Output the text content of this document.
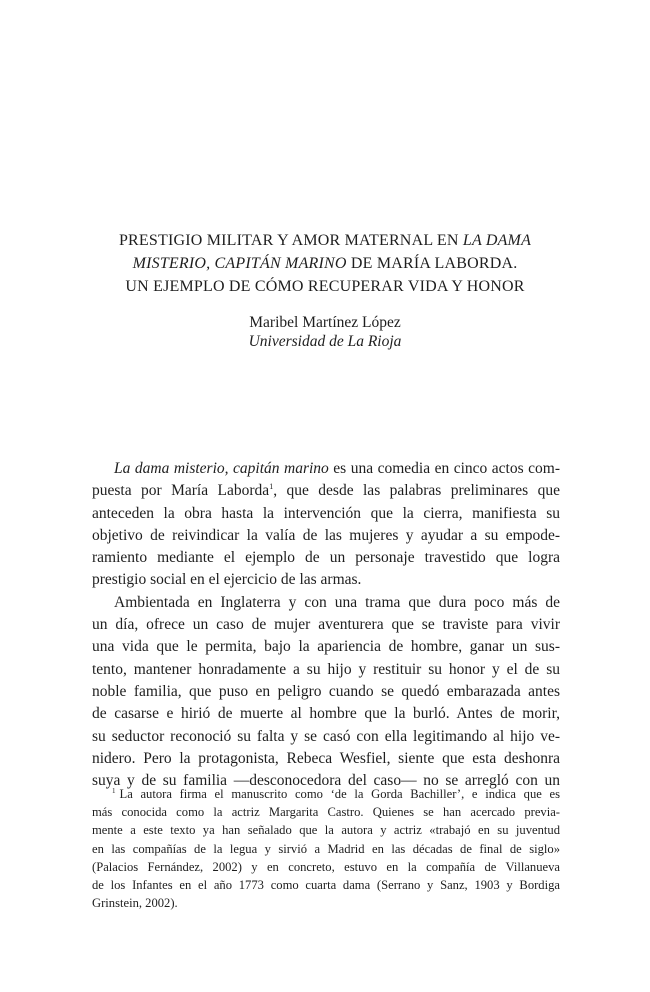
PRESTIGIO MILITAR Y AMOR MATERNAL EN LA DAMA
MISTERIO, CAPITÁN MARINO DE MARÍA LABORDA.
UN EJEMPLO DE CÓMO RECUPERAR VIDA Y HONOR
Maribel Martínez López
Universidad de La Rioja
La dama misterio, capitán marino es una comedia en cinco actos com-
puesta por María Laborda$^1$, que desde las palabras preliminares que
anteceden la obra hasta la intervención que la cierra, manifiesta su
objetivo de reivindicar la valía de las mujeres y ayudar a su empode-
ramiento mediante el ejemplo de un personaje travestido que logra
prestigio social en el ejercicio de las armas.
Ambientada en Inglaterra y con una trama que dura poco más de
un día, ofrece un caso de mujer aventurera que se traviste para vivir
una vida que le permita, bajo la apariencia de hombre, ganar un sus-
tento, mantener honradamente a su hijo y restituir su honor y el de su
noble familia, que puso en peligro cuando se quedó embarazada antes
de casarse e hirió de muerte al hombre que la burló. Antes de morir,
su seductor reconoció su falta y se casó con ella legitimando al hijo ve-
nidero. Pero la protagonista, Rebeca Wesfiel, siente que esta deshonra
suya y de su familia —desconocedora del caso— no se arregló con un
$^1$ La autora firma el manuscrito como ‘de la Gorda Bachiller’, e indica que es
más conocida como la actriz Margarita Castro. Quienes se han acercado previa-
mente a este texto ya han señalado que la autora y actriz «trabajó en su juventud
en las compañías de la legua y sirvió a Madrid en las décadas de final de siglo»
(Palacios Fernández, 2002) y en concreto, estuvo en la compañía de Villanueva
de los Infantes en el año 1773 como cuarta dama (Serrano y Sanz, 1903 y Bordiga
Grinstein, 2002).
